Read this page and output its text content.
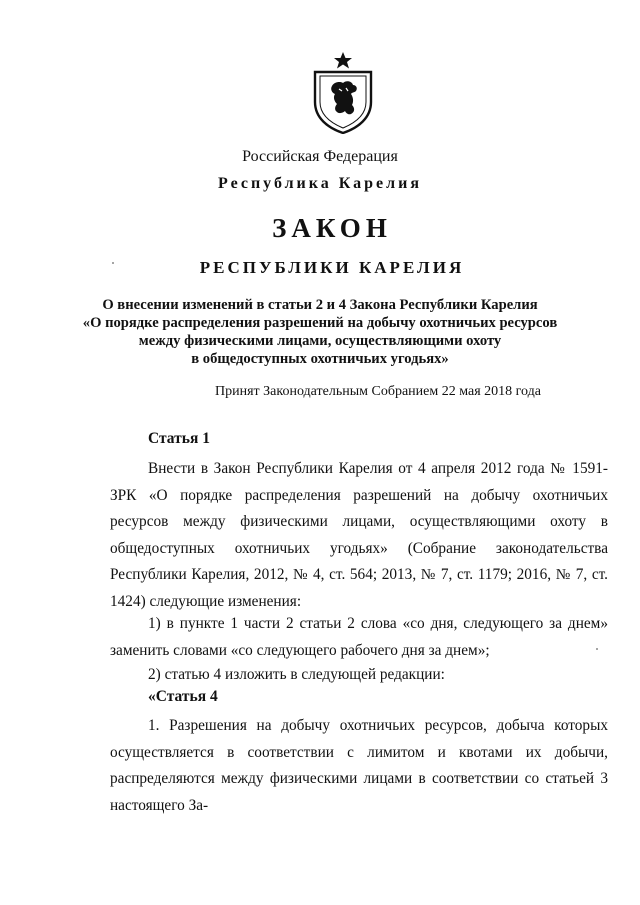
Российская Федерация
Республика Карелия
ЗАКОН
РЕСПУБЛИКИ КАРЕЛИЯ
О внесении изменений в статьи 2 и 4 Закона Республики Карелия
«О порядке распределения разрешений на добычу охотничьих ресурсов
между физическими лицами, осуществляющими охоту
в общедоступных охотничьих угодьях»
Принят Законодательным Собранием 22 мая 2018 года
Статья 1
Внести в Закон Республики Карелия от 4 апреля 2012 года № 1591-ЗРК «О порядке распределения разрешений на добычу охотничьих ресурсов между физическими лицами, осуществляющими охоту в общедоступных охотничьих угодьях» (Собрание законодательства Республики Карелия, 2012, № 4, ст. 564; 2013, № 7, ст. 1179; 2016, № 7, ст. 1424) следующие изменения:
1) в пункте 1 части 2 статьи 2 слова «со дня, следующего за днем» заменить словами «со следующего рабочего дня за днем»;
2) статью 4 изложить в следующей редакции:
«Статья 4
1. Разрешения на добычу охотничьих ресурсов, добыча которых осуществляется в соответствии с лимитом и квотами их добычи, распределяются между физическими лицами в соответствии со статьей 3 настоящего За-
